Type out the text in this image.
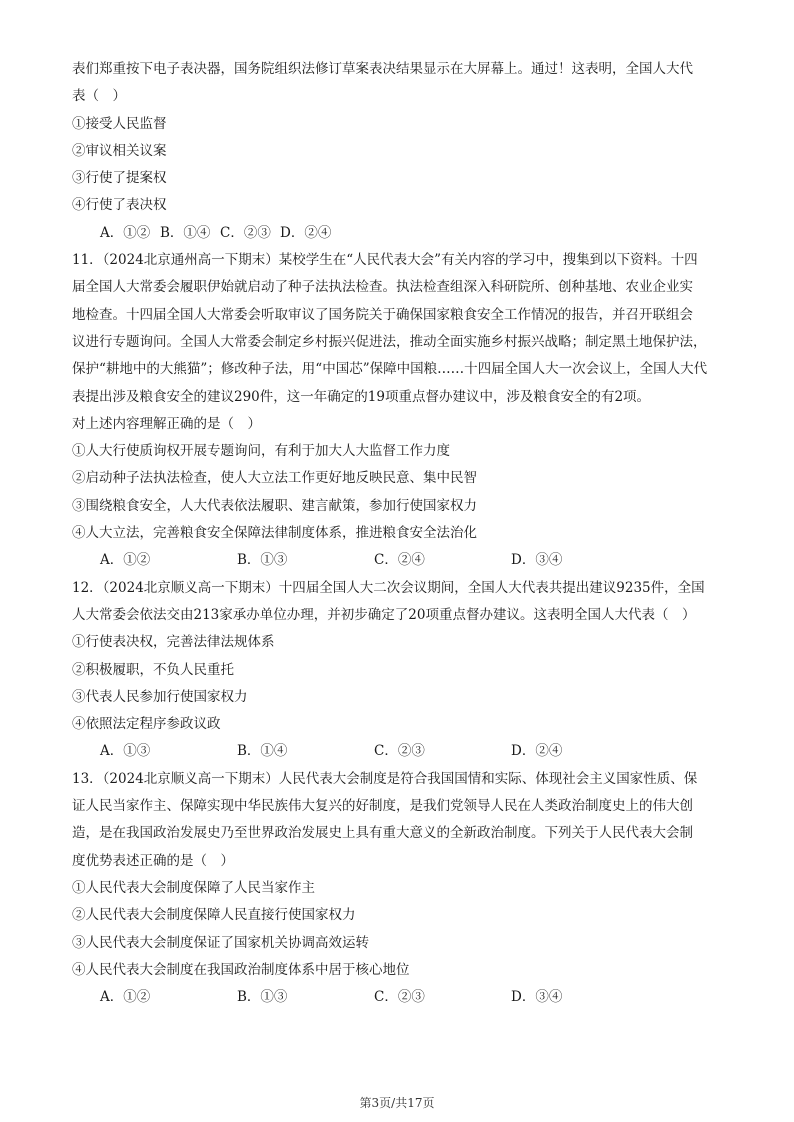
表们郑重按下电子表决器，国务院组织法修订草案表决结果显示在大屏幕上。通过！这表明，全国人大代
表（　）
①接受人民监督
②审议相关议案
③行使了提案权
④行使了表决权
A．①② B．①④ C．②③ D．②④
11．（2024北京通州高一下期末）某校学生在“人民代表大会”有关内容的学习中，搜集到以下资料。十四
届全国人大常委会履职伊始就启动了种子法执法检查。执法检查组深入科研院所、创种基地、农业企业实
地检查。十四届全国人大常委会听取审议了国务院关于确保国家粮食安全工作情况的报告，并召开联组会
议进行专题询问。全国人大常委会制定乡村振兴促进法，推动全面实施乡村振兴战略；制定黑土地保护法，
保护“耕地中的大熊猫”；修改种子法，用“中国芯”保障中国粮……十四届全国人大一次会议上，全国人大代
表提出涉及粮食安全的建议290件，这一年确定的19项重点督办建议中，涉及粮食安全的有2项。
对上述内容理解正确的是（　）
①人大行使质询权开展专题询问，有利于加大人大监督工作力度
②启动种子法执法检查，使人大立法工作更好地反映民意、集中民智
③围绕粮食安全，人大代表依法履职、建言献策，参加行使国家权力
④人大立法，完善粮食安全保障法律制度体系，推进粮食安全法治化
A．①②	B．①③	C．②④	D．③④
12．（2024北京顺义高一下期末）十四届全国人大二次会议期间，全国人大代表共提出建议9235件，全国
人大常委会依法交由213家承办单位办理，并初步确定了20项重点督办建议。这表明全国人大代表（　）
①行使表决权，完善法律法规体系
②积极履职，不负人民重托
③代表人民参加行使国家权力
④依照法定程序参政议政
A．①③	B．①④	C．②③	D．②④
13．（2024北京顺义高一下期末）人民代表大会制度是符合我国国情和实际、体现社会主义国家性质、保
证人民当家作主、保障实现中华民族伟大复兴的好制度，是我们党领导人民在人类政治制度史上的伟大创
造，是在我国政治发展史乃至世界政治发展史上具有重大意义的全新政治制度。下列关于人民代表大会制
度优势表述正确的是（　）
①人民代表大会制度保障了人民当家作主
②人民代表大会制度保障人民直接行使国家权力
③人民代表大会制度保证了国家机关协调高效运转
④人民代表大会制度在我国政治制度体系中居于核心地位
A．①②	B．①③	C．②③	D．③④
第3页/共17页
